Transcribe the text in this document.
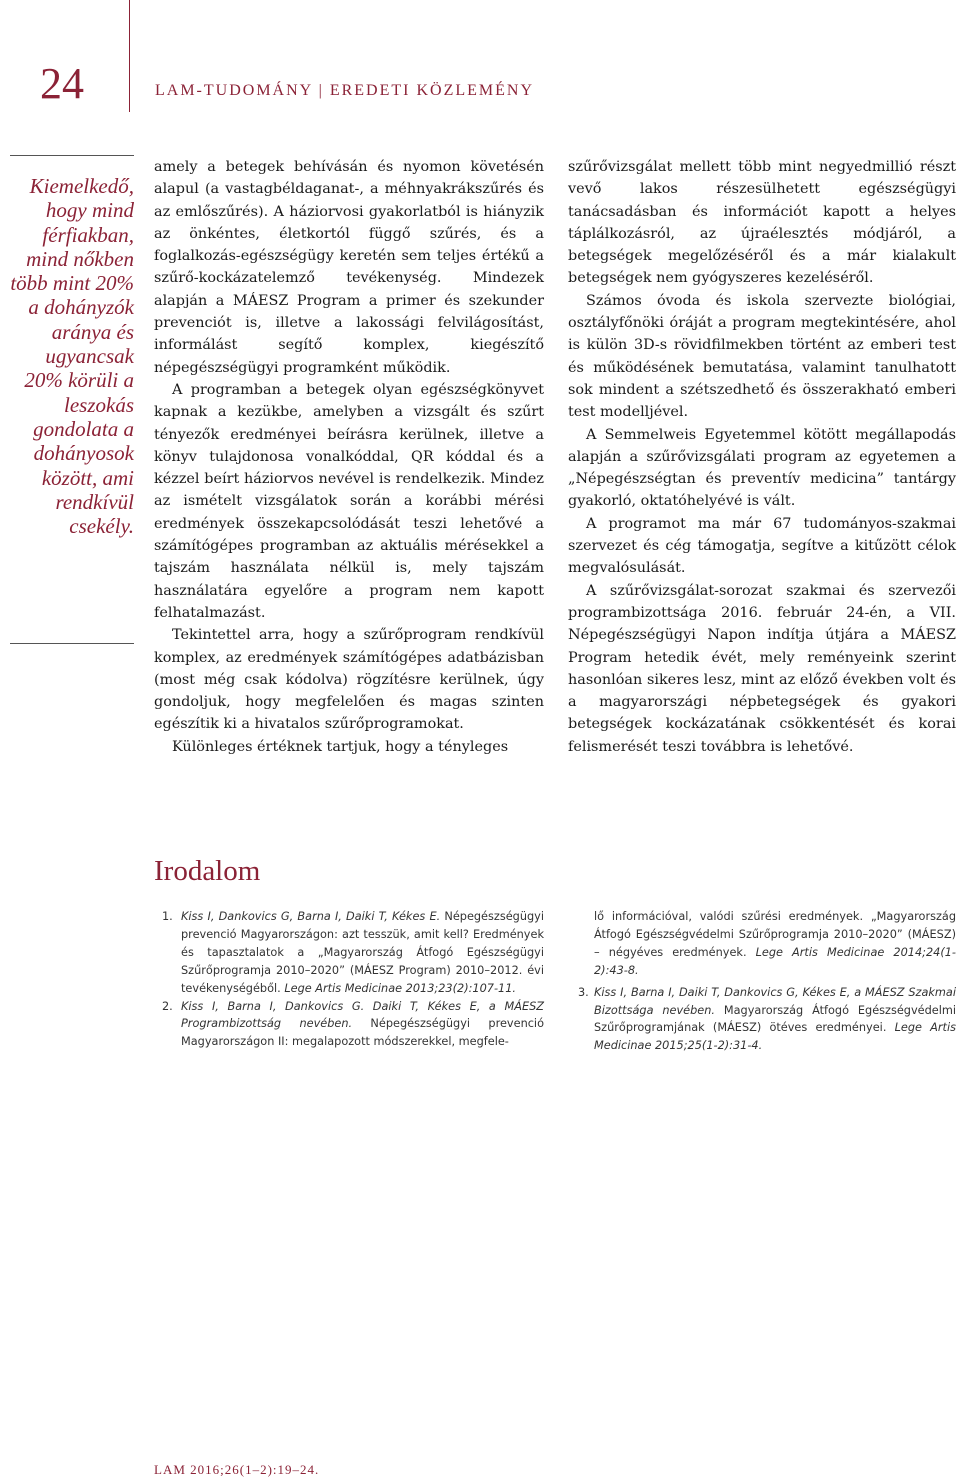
24	LAM-TUDOMÁNY | EREDETI KÖZLEMÉNY
Kiemelkedő, hogy mind férfiakban, mind nőkben több mint 20% a dohányzók aránya és ugyancsak 20% körüli a leszokás gondolata a dohányosok között, ami rendkívül csekély.

amely a betegek behívásán és nyomon követésén alapul (a vastagbéldaganat-, a méhnyakrákszűrés és az emlőszűrés). A háziorvosi gyakorlatból is hiányzik az önkéntes, életkortól függő szűrés, és a foglalkozás-egészségügy keretén sem teljes értékű a szűrő-kockázatelemző tevékenység. Mindezek alapján a MÁESZ Program a primer és szekunder prevenciót is, illetve a lakossági felvilágosítást, informálást segítő komplex, kiegészítő népegészségügyi programként működik.

A programban a betegek olyan egészségkönyvet kapnak a kezükbe, amelyben a vizsgált és szűrt tényezők eredményei beírásra kerülnek, illetve a könyv tulajdonosa vonalkóddal, QR kóddal és a kézzel beírt háziorvos nevével is rendelkezik. Mindez az ismételt vizsgálatok során a korábbi mérési eredmények összekapcsolódását teszi lehetővé a számítógépes programban az aktuális mérésekkel a tajszám használata nélkül is, mely tajszám használatára egyelőre a program nem kapott felhatalmazást.

Tekintettel arra, hogy a szűrőprogram rendkívül komplex, az eredmények számítógépes adatbázisban (most még csak kódolva) rögzítésre kerülnek, úgy gondoljuk, hogy megfelelően és magas szinten egészítik ki a hivatalos szűrőprogramokat.

Különleges értéknek tartjuk, hogy a tényleges

szűrővizsgálat mellett több mint negyedmillió részt vevő lakos részesülhetett egészségügyi tanácsadásban és információt kapott a helyes táplálkozásról, az újraélesztés módjáról, a betegségek megelőzéséről és a már kialakult betegségek nem gyógyszeres kezeléséről.

Számos óvoda és iskola szervezte biológiai, osztályfőnöki óráját a program megtekintésére, ahol is külön 3D-s rövidfilmekben történt az emberi test és működésének bemutatása, valamint tanulhatott sok mindent a szétszedhető és összerakható emberi test modelljével.

A Semmelweis Egyetemmel kötött megállapodás alapján a szűrővizsgálati program az egyetemen a „Népegészségtan és preventív medicina” tantárgy gyakorló, oktatóhelyévé is vált.

A programot ma már 67 tudományos-szakmai szervezet és cég támogatja, segítve a kitűzött célok megvalósulását.

A szűrővizsgálat-sorozat szakmai és szervezői programbizottsága 2016. február 24-én, a VII. Népegészségügyi Napon indítja útjára a MÁESZ Program hetedik évét, mely reményeink szerint hasonlóan sikeres lesz, mint az előző években volt és a magyarországi népbetegségek és gyakori betegségek kockázatának csökkentését és korai felismerését teszi továbbra is lehetővé.

Irodalom
1. Kiss I, Dankovics G, Barna I, Daiki T, Kékes E. Népegészségügyi prevenció Magyarországon: azt tesszük, amit kell? Eredmények és tapasztalatok a „Magyarország Átfogó Egészségügyi Szűrőprogramja 2010–2020” (MÁESZ Program) 2010–2012. évi tevékenységéből. Lege Artis Medicinae 2013;23(2):107-11.

2. Kiss I, Barna I, Dankovics G. Daiki T, Kékes E, a MÁESZ Programbizottság nevében. Népegészségügyi prevenció Magyarországon II: megalapozott módszerekkel, megfele-

lő információval, valódi szűrési eredmények. „Magyarország Átfogó Egészségvédelmi Szűrőprogramja 2010–2020” (MÁESZ) – négyéves eredmények. Lege Artis Medicinae 2014;24(1-2):43-8.

3. Kiss I, Barna I, Daiki T, Dankovics G, Kékes E, a MÁESZ Szakmai Bizottsága nevében. Magyarország Átfogó Egészségvédelmi Szűrőprogramjának (MÁESZ) ötéves eredményei. Lege Artis Medicinae 2015;25(1-2):31-4.

LAM 2016;26(1–2):19–24.
